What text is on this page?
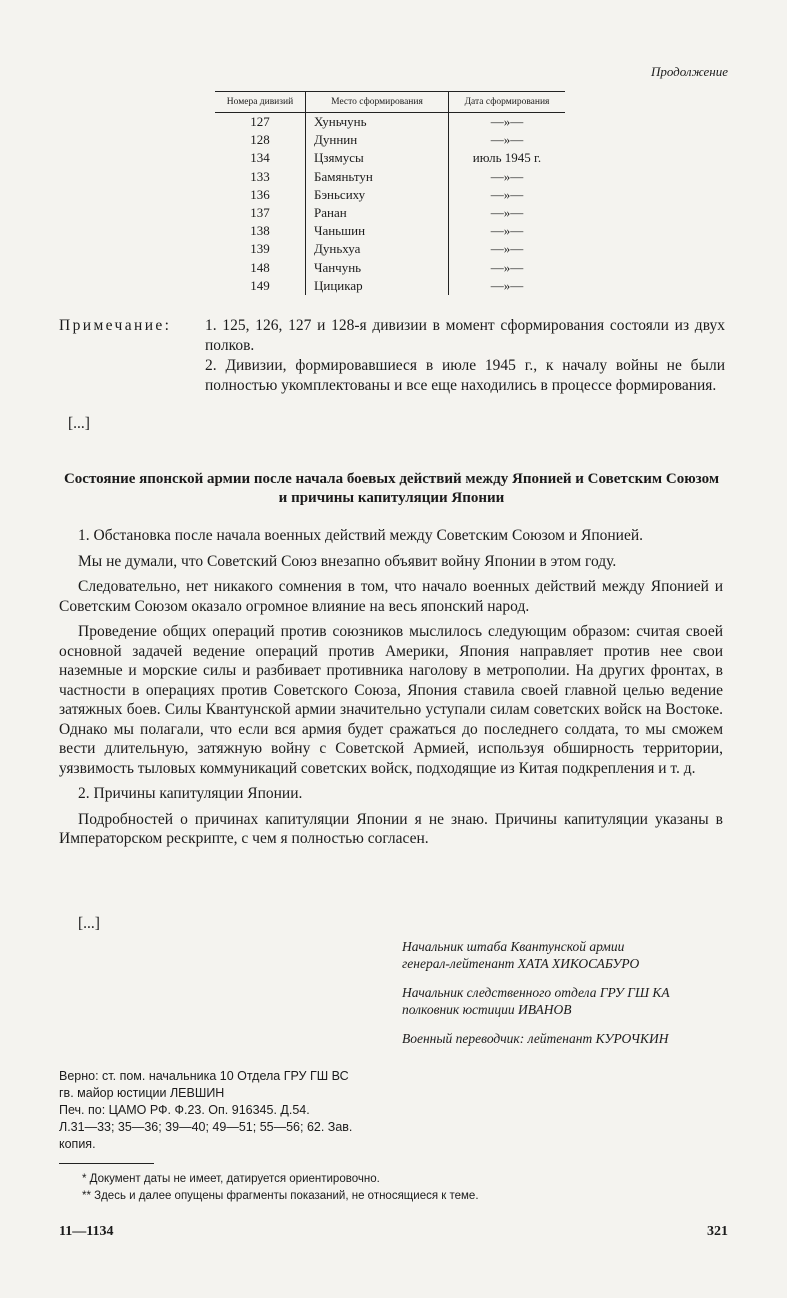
Продолжение
Номера дивизий	Место сформирования	Дата сформирования
127	Хуньчунь	—»—
128	Дуннин	—»—
134	Цзямусы	июль 1945 г.
133	Бамяньтун	—»—
136	Бэньсиху	—»—
137	Ранан	—»—
138	Чаньшин	—»—
139	Дуньхуа	—»—
148	Чанчунь	—»—
149	Цицикар	—»—
Примечание: 1. 125, 126, 127 и 128-я дивизии в момент сформирования состояли из двух полков.
2. Дивизии, формировавшиеся в июле 1945 г., к началу войны не были полностью укомплектованы и все еще находились в процессе формирования.
[...]
Состояние японской армии после начала боевых действий между Японией и Советским Союзом и причины капитуляции Японии

1. Обстановка после начала военных действий между Советским Союзом и Японией.

Мы не думали, что Советский Союз внезапно объявит войну Японии в этом году.

Следовательно, нет никакого сомнения в том, что начало военных действий между Японией и Советским Союзом оказало огромное влияние на весь японский народ.

Проведение общих операций против союзников мыслилось следующим образом: считая своей основной задачей ведение операций против Америки, Япония направляет против нее свои наземные и морские силы и разбивает противника наголову в метрополии. На других фронтах, в частности в операциях против Советского Союза, Япония ставила своей главной целью ведение затяжных боев. Силы Квантунской армии значительно уступали силам советских войск на Востоке. Однако мы полагали, что если вся армия будет сражаться до последнего солдата, то мы сможем вести длительную, затяжную войну с Советской Армией, используя обширность территории, уязвимость тыловых коммуникаций советских войск, подходящие из Китая подкрепления и т. д.

2. Причины капитуляции Японии.

Подробностей о причинах капитуляции Японии я не знаю. Причины капитуляции указаны в Императорском рескрипте, с чем я полностью согласен.

[...]
Начальник штаба Квантунской армии
генерал-лейтенант ХАТА ХИКОСАБУРО
Начальник следственного отдела ГРУ ГШ КА
полковник юстиции ИВАНОВ
Военный переводчик: лейтенант КУРОЧКИН
Верно: ст. пом. начальника 10 Отдела ГРУ ГШ ВС
гв. майор юстиции ЛЕВШИН
Печ. по: ЦАМО РФ. Ф.23. Оп. 916345. Д.54.
Л.31—33; 35—36; 39—40; 49—51; 55—56; 62. Зав.
копия.
* Документ даты не имеет, датируется ориентировочно.
** Здесь и далее опущены фрагменты показаний, не относящиеся к теме.
11—1134	321
